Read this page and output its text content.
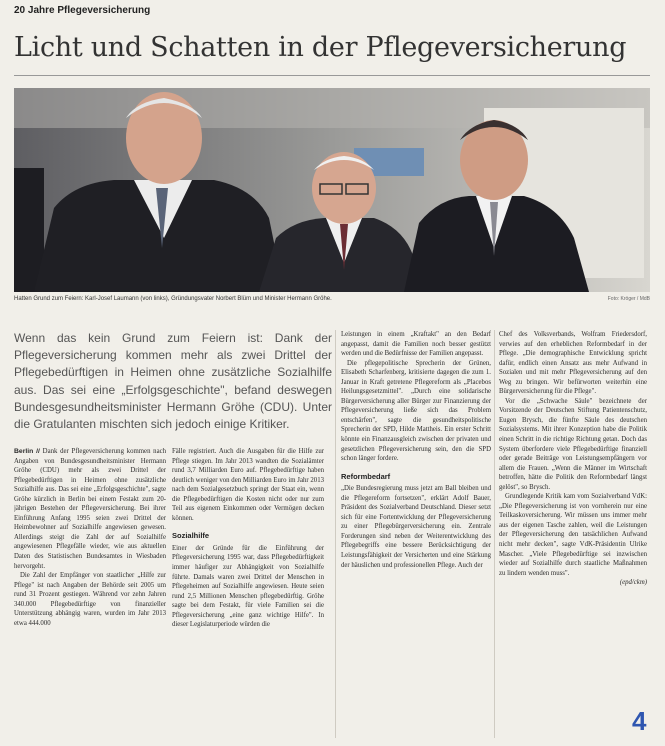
20 Jahre Pflegeversicherung
Licht und Schatten in der Pflegeversicherung
Hatten Grund zum Feiern: Karl-Josef Laumann (von links), Gründungsvater Norbert Blüm und Minister Hermann Gröhe.	Foto: Kröger / MdB
Wenn das kein Grund zum Feiern ist: Dank der Pflegeversicherung kommen mehr als zwei Drittel der Pflegebedürftigen in Heimen ohne zusätzliche Sozialhilfe aus. Das sei eine „Erfolgsgeschichte", befand deswegen Bundesgesundheitsminister Hermann Gröhe (CDU). Unter die Gratulanten mischten sich jedoch einige Kritiker.

Berlin // Dank der Pflegeversicherung kommen nach Angaben von Bundesgesundheitsminister Hermann Gröhe (CDU) mehr als zwei Drittel der Pflegebedürftigen in Heimen ohne zusätzliche Sozialhilfe aus. Das sei eine „Erfolgsgeschichte", sagte Gröhe kürzlich in Berlin bei einem Festakt zum 20-jährigen Bestehen der Pflegeversicherung. Bei ihrer Einführung Anfang 1995 seien zwei Drittel der Heimbewohner auf Sozialhilfe angewiesen gewesen. Allerdings steigt die Zahl der auf Sozialhilfe angewiesenen Pflegefälle wieder, wie aus aktuellen Daten des Statistischen Bundesamtes in Wiesbaden hervorgeht.

Die Zahl der Empfänger von staatlicher „Hilfe zur Pflege" ist nach Angaben der Behörde seit 2005 um rund 31 Prozent gestiegen. Während vor zehn Jahren 340.000 Pflegebedürftige von finanzieller Unterstützung abhängig waren, wurden im Jahr 2013 etwa 444.000

Fälle registriert. Auch die Ausgaben für die Hilfe zur Pflege stiegen. Im Jahr 2013 wandten die Sozialämter rund 3,7 Milliarden Euro auf. Pflegebedürftige haben deutlich weniger von den Milliarden Euro im Jahr 2013 nach dem Sozialgesetzbuch springt der Staat ein, wenn die Pflegebedürftigen die Kosten nicht oder nur zum Teil aus eigenem Einkommen oder Vermögen decken können.

Sozialhilfe

Einer der Gründe für die Einführung der Pflegeversicherung 1995 war, dass Pflegebedürftigkeit immer häufiger zur Abhängigkeit von Sozialhilfe führte. Damals waren zwei Drittel der Menschen in Pflegeheimen auf Sozialhilfe angewiesen. Heute seien rund 2,5 Millionen Menschen pflegebedürftig. Gröhe sagte bei dem Festakt, für viele Familien sei die Pflegeversicherung „eine ganz wichtige Hilfe". In dieser Legislaturperiode würden die

Leistungen in einem „Kraftakt" an den Bedarf angepasst, damit die Familien noch besser gestützt werden und die Bedürfnisse der Familien angepasst.

Die pflegepolitische Sprecherin der Grünen, Elisabeth Scharfenberg, kritisierte dagegen die zum 1. Januar in Kraft getretene Pflegereform als „Placebos Heilungsgesetzmittel". „Durch eine solidarische Bürgerversicherung aller Bürger zur Finanzierung der Pflegeversicherung ließe sich das Problem entschärfen", sagte die gesundheitspolitische Sprecherin der SPD, Hilde Mattheis. Ein erster Schritt könnte ein Finanzausgleich zwischen der privaten und gesetzlichen Pflegeversicherung sein, den die SPD schon länger fordere.

Reformbedarf

„Die Bundesregierung muss jetzt am Ball bleiben und die Pflegereform fortsetzen", erklärt Adolf Bauer, Präsident des Sozialverband Deutschland. Dieser setzt sich für eine Fortentwicklung der Pflegeversicherung zu einer Pflegebürgerversicherung ein. Zentrale Forderungen sind neben der Weiterentwicklung des Pflegebegriffs eine bessere Berücksichtigung der Leistungsfähigkeit der Versicherten und eine Stärkung der häuslichen und professionellen Pflege. Auch der

Chef des Volksverbands, Wolfram Friedersdorf, verwies auf den erheblichen Reformbedarf in der Pflege. „Die demographische Entwicklung spricht dafür, endlich einen Ansatz aus mehr Aufwand in Sozialen und mit mehr Pflegeversicherung auf den Weg zu bringen. Wir befürworten weiterhin eine Bürgerversicherung für die Pflege".

Vor die „Schwache Säule" bezeichnete der Vorsitzende der Deutschen Stiftung Patientenschutz, Eugen Brysch, die fünfte Säule des deutschen Sozialsystems. Mit ihrer Konzeption habe die Politik einen Schritt in die richtige Richtung getan. Doch das System überfordere viele Pflegebedürftige finanziell oder gerade Beiträge von Leistungsempfängern vor allem die Frauen. „Wenn die Männer im Wirtschaft betroffen, hätte die Politik den Reformbedarf längst gelöst", so Brysch.

Grundlegende Kritik kam vom Sozialverband VdK: „Die Pflegeversicherung ist von vornherein nur eine Teilkaskoversicherung. Wir müssen uns immer mehr aus der eigenen Tasche zahlen, weil die Leistungen der Pflegeversicherung den tatsächlichen Aufwand nicht mehr decken", sagte VdK-Präsidentin Ulrike Mascher. „Viele Pflegebedürftige sei inzwischen wieder auf Sozialhilfe durch staatliche Maßnahmen zu lindern wenden muss".

(epd/ckm)

4
